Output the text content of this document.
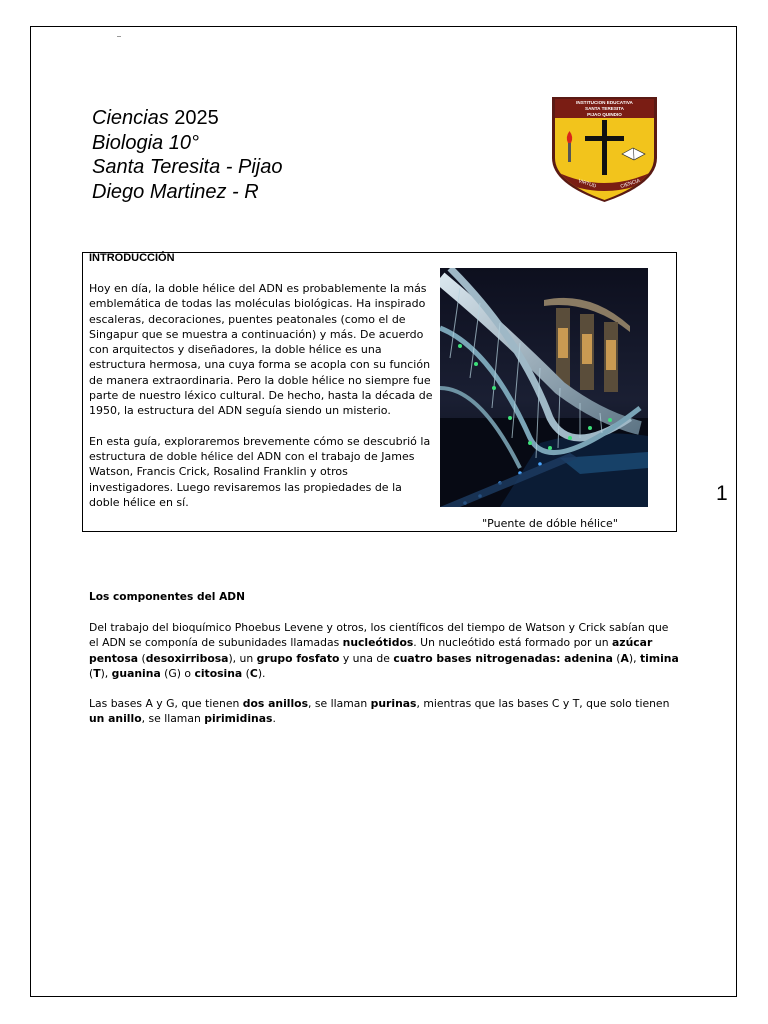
Ciencias 2025
Biologia 10°
Santa Teresita - Pijao
Diego Martinez - R
INSTITUCION EDUCATIVA
SANTA TERESITA
PIJAO QUINDIO
VIRTUD	CIENCIA
INTRODUCCIÓN

Hoy en día, la doble hélice del ADN es probablemente la más emblemática de todas las moléculas biológicas. Ha inspirado escaleras, decoraciones, puentes peatonales (como el de Singapur que se muestra a continuación) y más. De acuerdo con arquitectos y diseñadores, la doble hélice es una estructura hermosa, una cuya forma se acopla con su función de manera extraordinaria. Pero la doble hélice no siempre fue parte de nuestro léxico cultural. De hecho, hasta la década de 1950, la estructura del ADN seguía siendo un misterio.

En esta guía, exploraremos brevemente cómo se descubrió la estructura de doble hélice del ADN con el trabajo de James Watson, Francis Crick, Rosalind Franklin y otros investigadores. Luego revisaremos las propiedades de la doble hélice en sí.

"Puente de dóble hélice"
1
Los componentes del ADN

Del trabajo del bioquímico Phoebus Levene y otros, los científicos del tiempo de Watson y Crick sabían que el ADN se componía de subunidades llamadas nucleótidos. Un nucleótido está formado por un azúcar pentosa (desoxirribosa), un grupo fosfato y una de cuatro bases nitrogenadas: adenina (A), timina (T), guanina (G) o citosina (C).

Las bases A y G, que tienen dos anillos, se llaman purinas, mientras que las bases C y T, que solo tienen un anillo, se llaman pirimidinas.
